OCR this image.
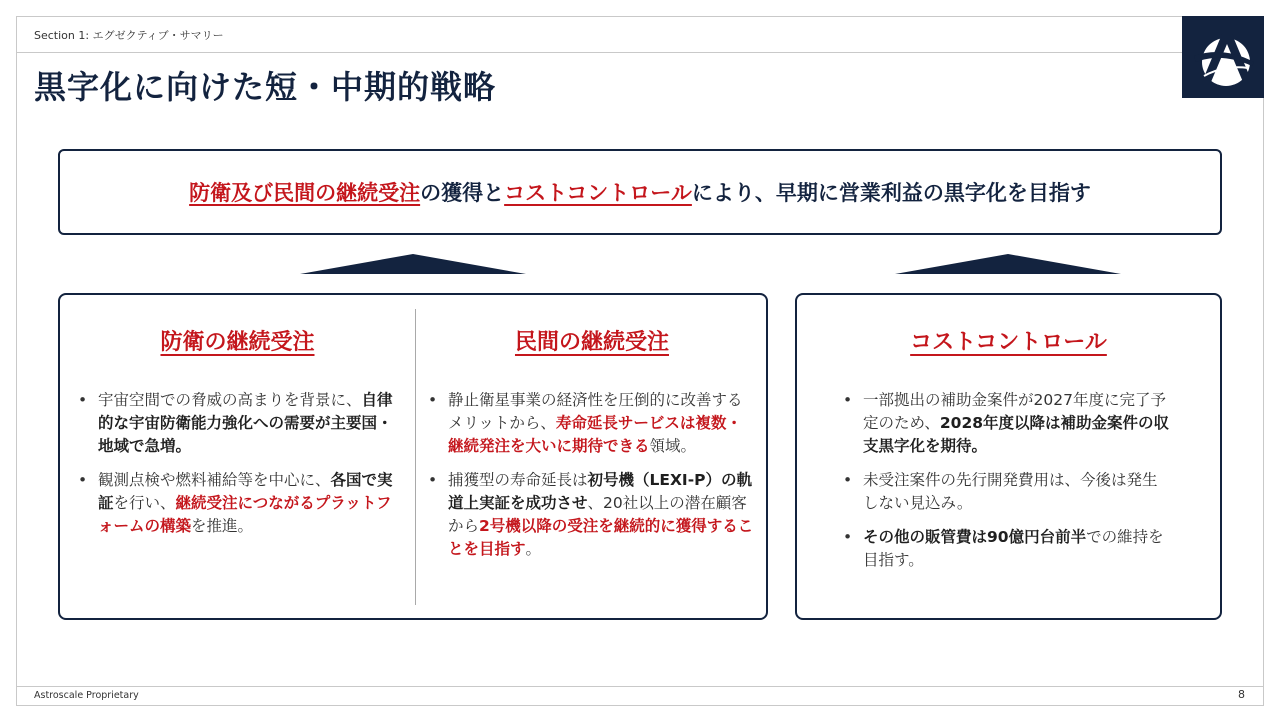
Section 1: エグゼクティブ・サマリー
黒字化に向けた短・中期的戦略
防衛及び民間の継続受注 の獲得と コストコントロール により、早期に営業利益の黒字化を目指す
防衛の継続受注
• 宇宙空間での脅威の高まりを背景に、自律的な宇宙防衛能力強化への需要が主要国・地域で急増。
• 観測点検や燃料補給等を中心に、各国で実証を行い、継続受注につながるプラットフォームの構築を推進。
民間の継続受注
• 静止衛星事業の経済性を圧倒的に改善するメリットから、寿命延長サービスは複数・継続発注を大いに期待できる領域。
• 捕獲型の寿命延長は初号機（LEXI-P）の軌道上実証を成功させ、20社以上の潜在顧客から2号機以降の受注を継続的に獲得することを目指す。
コストコントロール
• 一部拠出の補助金案件が2027年度に完了予定のため、2028年度以降は補助金案件の収支黒字化を期待。
• 未受注案件の先行開発費用は、今後は発生しない見込み。
• その他の販管費は90億円台前半での維持を目指す。
Astroscale Proprietary	8
